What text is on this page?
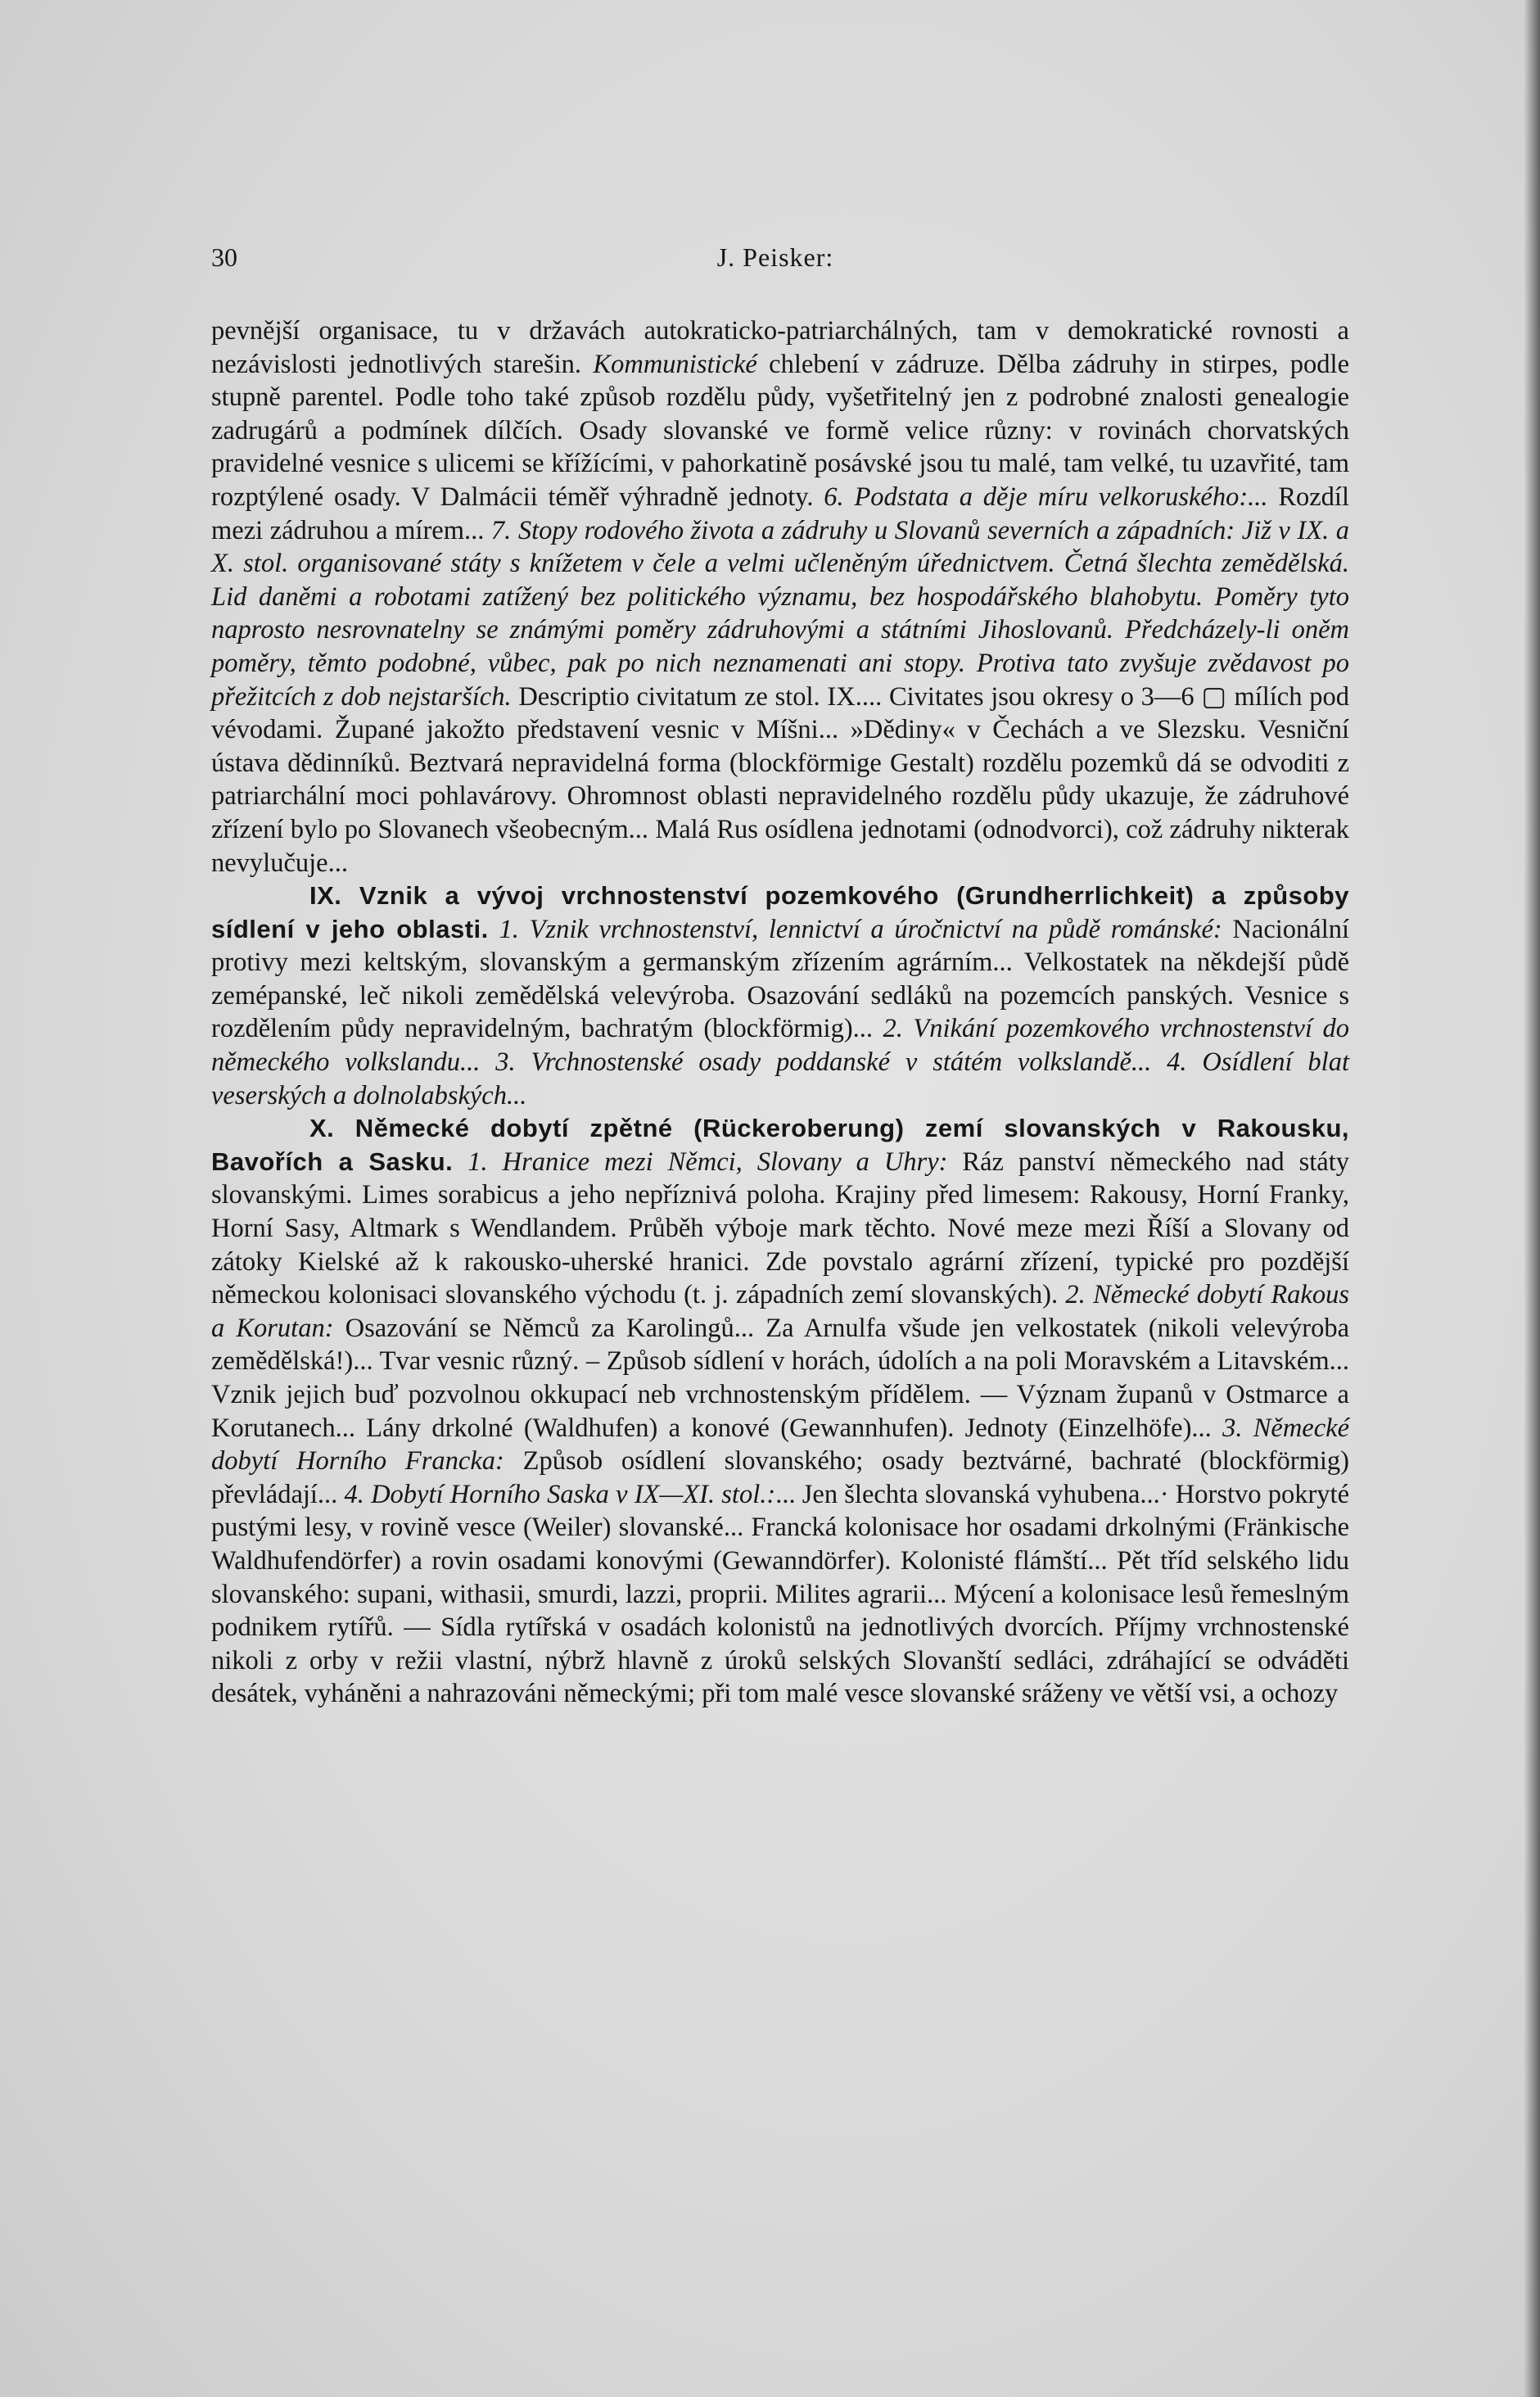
30	J. Peisker:

pevnější organisace, tu v državách autokraticko-patriarchálných, tam v demokratické rovnosti a nezávislosti jednotlivých starešin. Kommunistické chlebení v zádruze. Dělba zádruhy in stirpes, podle stupně parentel. Podle toho také způsob rozdělu půdy, vyšetřitelný jen z podrobné znalosti genealogie zadrugárů a podmínek dílčích. Osady slovanské ve formě velice různy: v rovinách chorvatských pravidelné vesnice s ulicemi se křížícími, v pahorkatině posávské jsou tu malé, tam velké, tu uzavřité, tam rozptýlené osady. V Dalmácii téměř výhradně jednoty. 6. Podstata a děje míru velkoruského:... Rozdíl mezi zádruhou a mírem... 7. Stopy rodového života a zádruhy u Slovanů severních a západních: Již v IX. a X. stol. organisované státy s knížetem v čele a velmi učleněným úřednictvem. Četná šlechta zemědělská. Lid daněmi a robotami zatížený bez politického významu, bez hospodářského blahobytu. Poměry tyto naprosto nesrovnatelny se známými poměry zádruhovými a státními Jihoslovanů. Předcházely-li oněm poměry, těmto podobné, vůbec, pak po nich neznamenati ani stopy. Protiva tato zvyšuje zvědavost po přežitcích z dob nejstarších. Descriptio civitatum ze stol. IX.... Civitates jsou okresy o 3—6 ▢ mílích pod vévodami. Župané jakožto představení vesnic v Míšni... »Dědiny« v Čechách a ve Slezsku. Vesniční ústava dědinníků. Beztvará nepravidelná forma (blockförmige Gestalt) rozdělu pozemků dá se odvoditi z patriarchální moci pohlavárovy. Ohromnost oblasti nepravidelného rozdělu půdy ukazuje, že zádruhové zřízení bylo po Slovanech všeobecným... Malá Rus osídlena jednotami (odnodvorci), což zádruhy nikterak nevylučuje...

IX. Vznik a vývoj vrchnostenství pozemkového (Grundherrlichkeit) a způsoby sídlení v jeho oblasti. 1. Vznik vrchnostenství, lennictví a úročnictví na půdě románské: Nacionální protivy mezi keltským, slovanským a germanským zřízením agrárním... Velkostatek na někdejší půdě zemépanské, leč nikoli zemědělská velevýroba. Osazování sedláků na pozemcích panských. Vesnice s rozdělením půdy nepravidelným, bachratým (blockförmig)... 2. Vnikání pozemkového vrchnostenství do německého volkslandu... 3. Vrchnostenské osady poddanské v státém volkslandě... 4. Osídlení blat veserských a dolnolabských...

X. Německé dobytí zpětné (Rückeroberung) zemí slovanských v Rakousku, Bavořích a Sasku. 1. Hranice mezi Němci, Slovany a Uhry: Ráz panství německého nad státy slovanskými. Limes sorabicus a jeho nepříznivá poloha. Krajiny před limesem: Rakousy, Horní Franky, Horní Sasy, Altmark s Wendlandem. Průběh výboje mark těchto. Nové meze mezi Říší a Slovany od zátoky Kielské až k rakousko-uherské hranici. Zde povstalo agrární zřízení, typické pro pozdější německou kolonisaci slovanského východu (t. j. západních zemí slovanských). 2. Německé dobytí Rakous a Korutan: Osazování se Němců za Karolingů... Za Arnulfa všude jen velkostatek (nikoli velevýroba zemědělská!)... Tvar vesnic různý. – Způsob sídlení v horách, údolích a na poli Moravském a Litavském... Vznik jejich buď pozvolnou okkupací neb vrchnostenským přídělem. — Význam županů v Ostmarce a Korutanech... Lány drkolné (Waldhufen) a konové (Gewannhufen). Jednoty (Einzelhöfe)... 3. Německé dobytí Horního Francka: Způsob osídlení slovanského; osady beztvárné, bachraté (blockförmig) převládají... 4. Dobytí Horního Saska v IX—XI. stol.:... Jen šlechta slovanská vyhubena...· Horstvo pokryté pustými lesy, v rovině vesce (Weiler) slovanské... Francká kolonisace hor osadami drkolnými (Fränkische Waldhufendörfer) a rovin osadami konovými (Gewanndörfer). Kolonisté flámští... Pět tříd selského lidu slovanského: supani, withasii, smurdi, lazzi, proprii. Milites agrarii... Mýcení a kolonisace lesů řemeslným podnikem rytířů. — Sídla rytířská v osadách kolonistů na jednotlivých dvorcích. Příjmy vrchnostenské nikoli z orby v režii vlastní, nýbrž hlavně z úroků selských Slovanští sedláci, zdráhající se odváděti desátek, vyháněni a nahrazováni německými; při tom malé vesce slovanské sráženy ve větší vsi, a ochozy
